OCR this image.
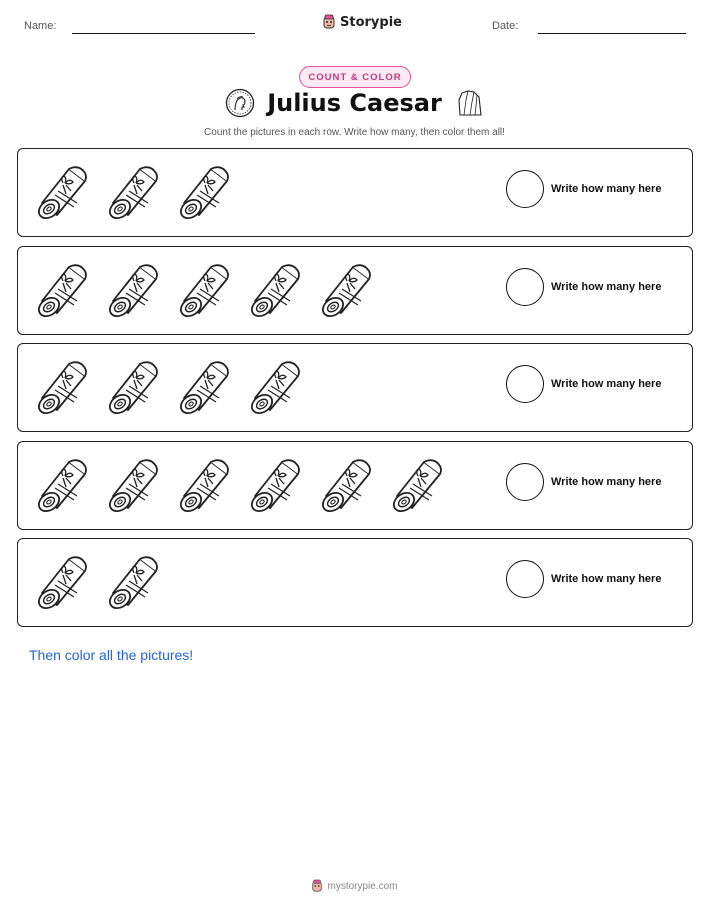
Name:	Storypie	Date:
COUNT & COLOR
Julius Caesar
Count the pictures in each row. Write how many, then color them all!
Write how many here
Write how many here
Write how many here
Write how many here
Write how many here
Then color all the pictures!
mystorypie.com
